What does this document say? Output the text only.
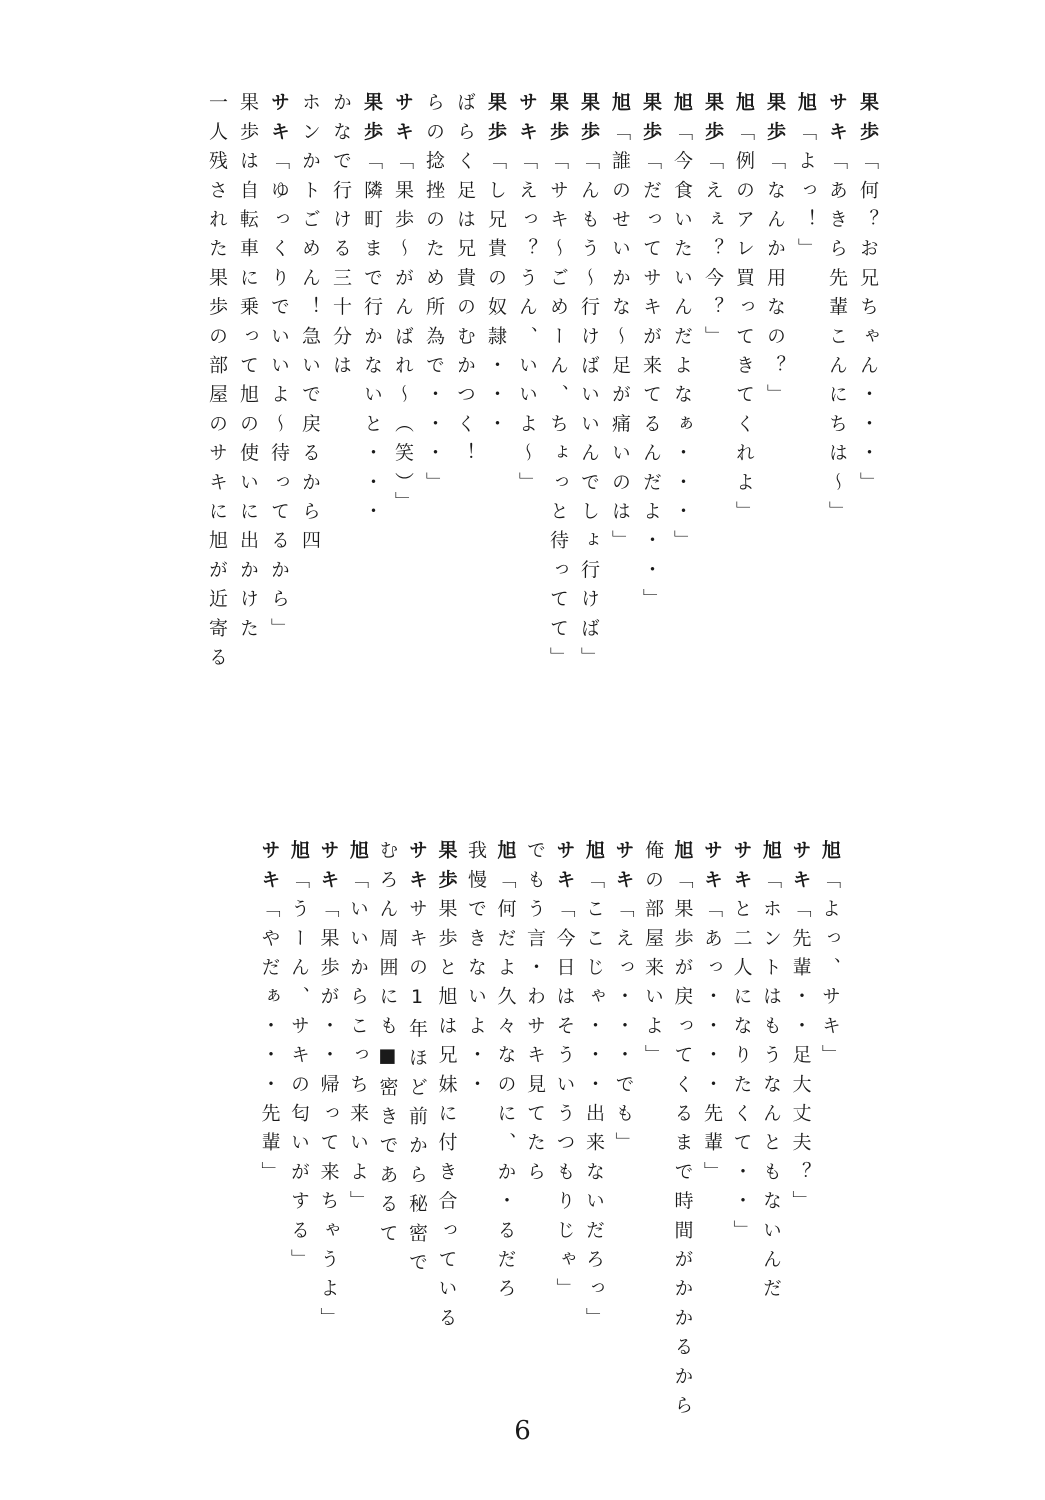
果歩「何？お兄ちゃん・・・」
サキ「あきら先輩こんにちは～」
旭「よっ！」
果歩「なんか用なの？」
旭「例のアレ買ってきてくれよ」
果歩「えぇ？今？」
旭「今食いたいんだよなぁ・・・」
果歩「だってサキが来てるんだよ・・」
旭「誰のせいかな～足が痛いのは」
果歩「んもう～行けばいいんでしょ行けば」
果歩「サキ～ごめーん、ちょっと待ってて」
サキ「えっ？うん、いいよ～」
果歩「し兄貴の奴隷・・・
ばらく足は兄貴のむかつく！
らの捻挫のため所為で・・・」
サキ「果歩～がんばれ～（笑）」
果歩「隣町まで行かないと・・・
かなで行ける三十分は
ホンかトごめん！急いで戻るから四
サキ「ゆっくりでいいよ～待ってるから」
果歩は自転車に乗って旭の使いに出かけた
一人残された果歩の部屋のサキに旭が近寄る
旭「よっ、サキ」
サキ「先輩・・足大丈夫？」
旭「ホントはもうなんともないんだ
サキと二人になりたくて・・」
サキ「あっ・・・・先輩」
旭「果歩が戻ってくるまで時間がかかるから
俺の部屋来いよ」
サキ「えっ・・・でも」
旭「ここじゃ・・・出来ないだろっ」
サキ「今日はそういうつもりじゃ」
でもう言・わサキ見てたら
旭「何だよ久々なのに、か・るだろ
我慢できないよ・・
果歩果歩と旭は兄妹に付き合っている
サキサキの1年ほど前から秘密で
むろん周囲にも■密きであるて
旭「いいからこっち来いよ」
サキ「果歩が・・帰って来ちゃうよ」
旭「うーん、サキの匂いがする」
サキ「やだぁ・・・先輩」
6
